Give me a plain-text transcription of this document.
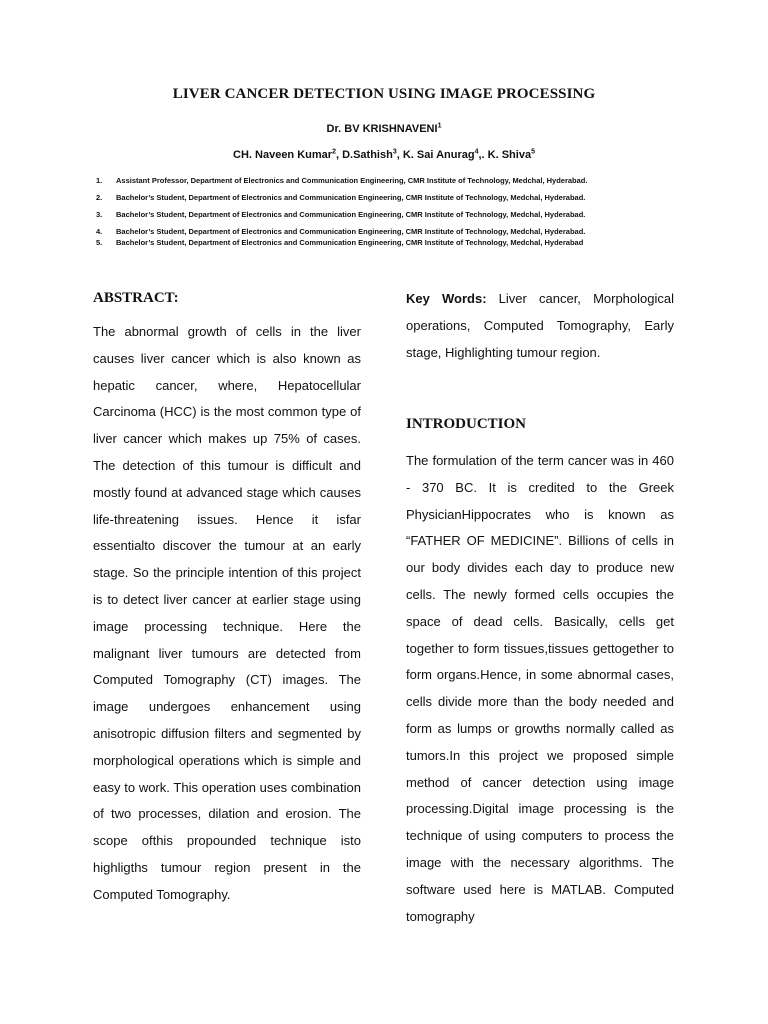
LIVER CANCER DETECTION USING IMAGE PROCESSING
Dr. BV KRISHNAVENI$^1$
CH. Naveen Kumar$^2$, D.Sathish$^3$, K. Sai Anurag$^4$,. K. Shiva$^5$
1.	Assistant Professor, Department of Electronics and Communication Engineering, CMR Institute of Technology, Medchal, Hyderabad.
2.	Bachelor’s Student, Department of Electronics and Communication Engineering, CMR Institute of Technology, Medchal, Hyderabad.
3.	Bachelor’s Student, Department of Electronics and Communication Engineering, CMR Institute of Technology, Medchal, Hyderabad.
4.	Bachelor’s Student, Department of Electronics and Communication Engineering, CMR Institute of Technology, Medchal, Hyderabad.
5.	Bachelor’s Student, Department of Electronics and Communication Engineering, CMR Institute of Technology, Medchal, Hyderabad
ABSTRACT:
The abnormal growth of cells in the liver causes liver cancer which is also known as hepatic cancer, where, Hepatocellular Carcinoma (HCC) is the most common type of liver cancer which makes up 75% of cases. The detection of this tumour is difficult and mostly found at advanced stage which causes life-threatening issues. Hence it isfar essentialto discover the tumour at an early stage. So the principle intention of this project is to detect liver cancer at earlier stage using image processing technique. Here the malignant liver tumours are detected from Computed Tomography (CT) images. The image undergoes enhancement using anisotropic diffusion filters and segmented by morphological operations which is simple and easy to work. This operation uses combination of two processes, dilation and erosion. The scope ofthis propounded technique isto highligths tumour region present in the Computed Tomography.
Key Words: Liver cancer, Morphological operations, Computed Tomography, Early stage, Highlighting tumour region.
INTRODUCTION
The formulation of the term cancer was in 460 - 370 BC. It is credited to the Greek PhysicianHippocrates who is known as “FATHER OF MEDICINE”. Billions of cells in our body divides each day to produce new cells. The newly formed cells occupies the space of dead cells. Basically, cells get together to form tissues,tissues gettogether to form organs.Hence, in some abnormal cases, cells divide more than the body needed and form as lumps or growths normally called as tumors.In this project we proposed simple method of cancer detection using image processing.Digital image processing is the technique of using computers to process the image with the necessary algorithms. The software used here is MATLAB. Computed tomography
